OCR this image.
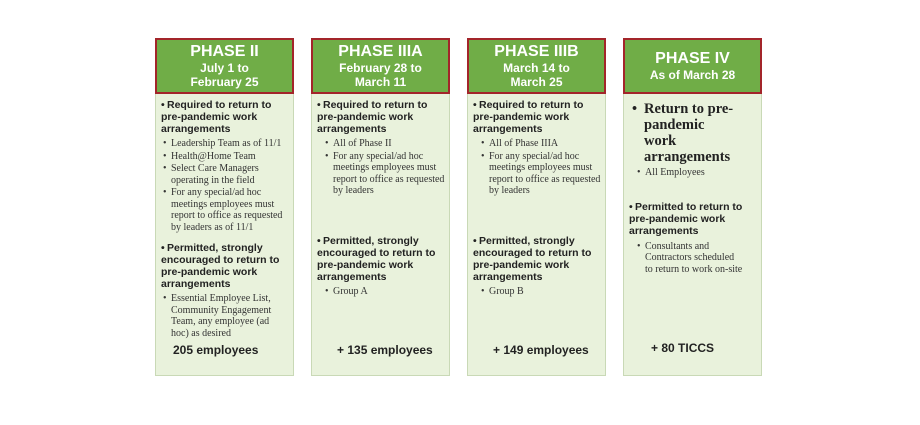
PHASE II
July 1 to
February 25
• Required to return to pre-pandemic work arrangements
• Leadership Team as of 11/1
• Health@Home Team
• Select Care Managers operating in the field
• For any special/ad hoc meetings employees must report to office as requested by leaders as of 11/1
• Permitted, strongly encouraged to return to pre-pandemic work arrangements
• Essential Employee List, Community Engagement Team, any employee (ad hoc) as desired
205 employees
PHASE IIIA
February 28 to
March 11
• Required to return to pre-pandemic work arrangements
• All of Phase II
• For any special/ad hoc meetings employees must report to office as requested by leaders
• Permitted, strongly encouraged to return to pre-pandemic work arrangements
• Group A
+ 135 employees
PHASE IIIB
March 14 to
March 25
• Required to return to pre-pandemic work arrangements
• All of Phase IIIA
• For any special/ad hoc meetings employees must report to office as requested by leaders
• Permitted, strongly encouraged to return to pre-pandemic work arrangements
• Group B
+ 149 employees
PHASE IV
As of March 28
• Return to pre-pandemic work arrangements
• All Employees
• Permitted to return to pre-pandemic work arrangements
• Consultants and Contractors scheduled to return to work on-site
+ 80 TICCS
